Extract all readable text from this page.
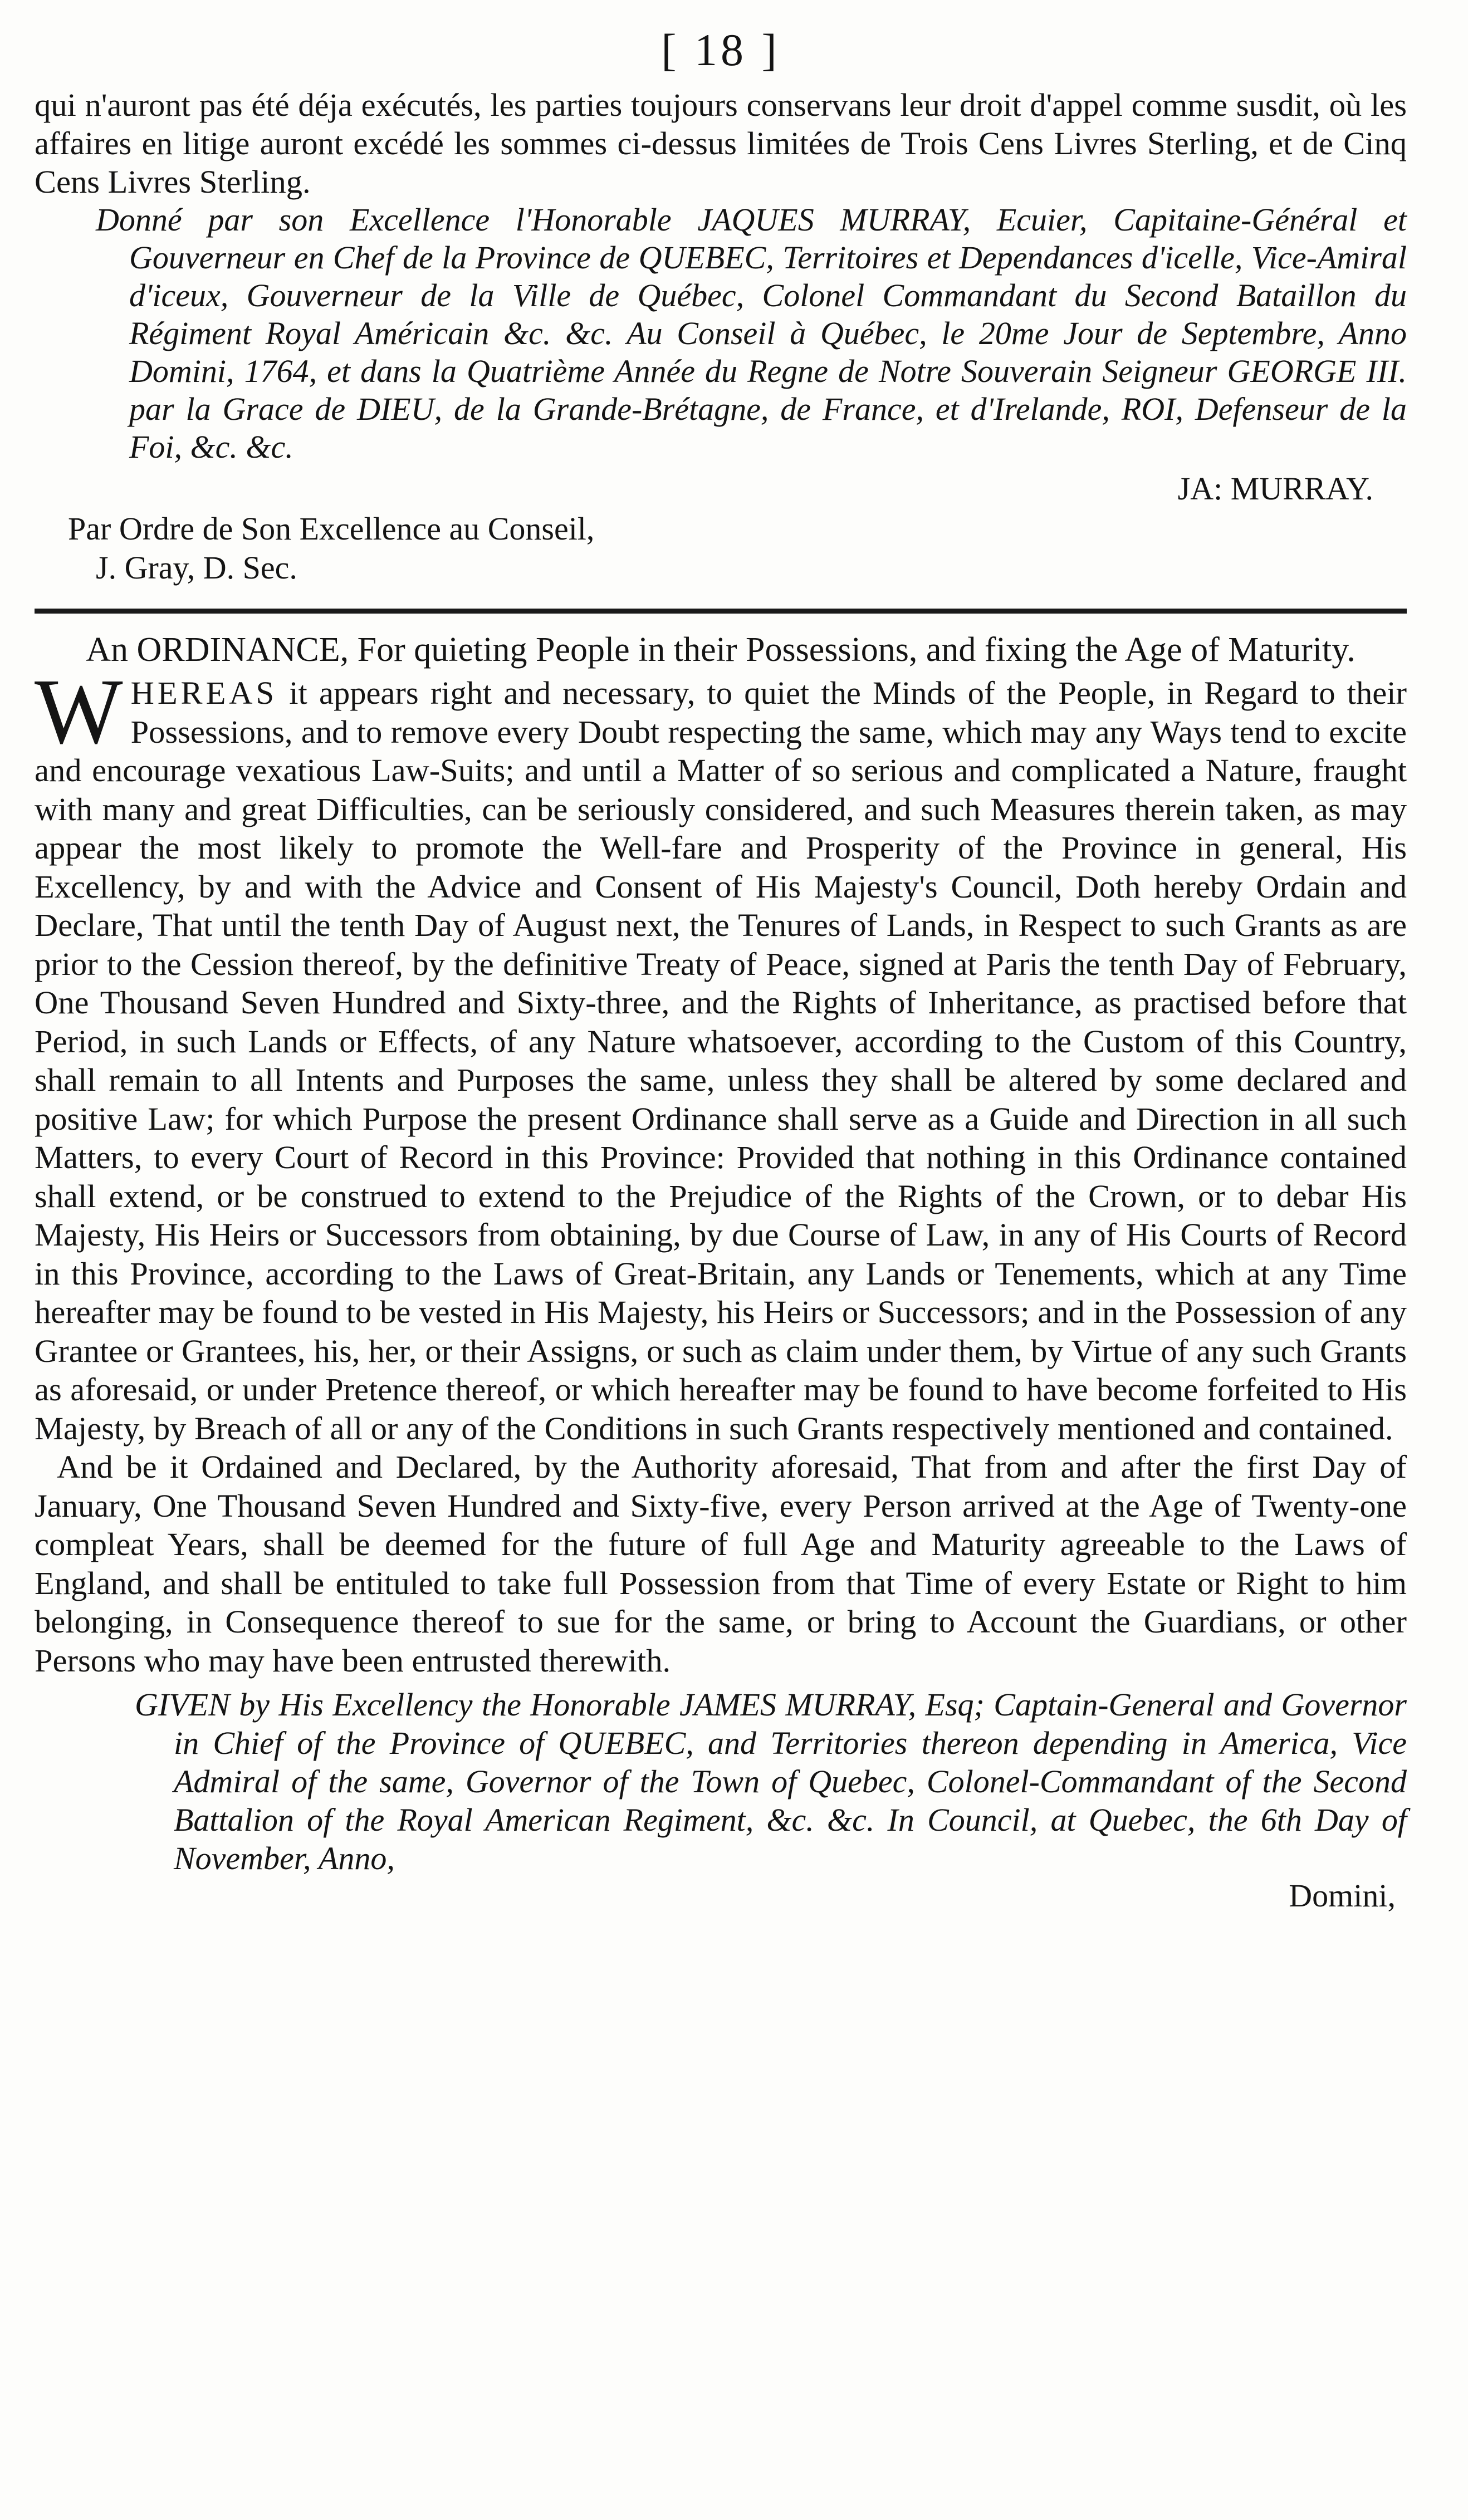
[ 18 ]

qui n'auront pas été déja exécutés, les parties toujours conservans leur droit d'appel comme susdit, où les affaires en litige auront excédé les sommes ci-dessus limitées de Trois Cens Livres Sterling, et de Cinq Cens Livres Sterling.

Donné par son Excellence l'Honorable JAQUES MURRAY, Ecuier, Capitaine-Général et Gouverneur en Chef de la Province de QUEBEC, Territoires et Dependances d'icelle, Vice-Amiral d'iceux, Gouverneur de la Ville de Québec, Colonel Commandant du Second Bataillon du Régiment Royal Américain &c. &c. Au Conseil à Québec, le 20me Jour de Septembre, Anno Domini, 1764, et dans la Quatrième Année du Regne de Notre Souverain Seigneur GEORGE III. par la Grace de DIEU, de la Grande-Brétagne, de France, et d'Irelande, ROI, Defenseur de la Foi, &c. &c.

JA: MURRAY.
Par Ordre de Son Excellence au Conseil,
J. Gray, D. Sec.
An ORDINANCE, For quieting People in their Possessions, and fixing the Age of Maturity.

WHEREAS it appears right and necessary, to quiet the Minds of the People, in Regard to their Possessions, and to remove every Doubt respecting the same, which may any Ways tend to excite and encourage vexatious Law-Suits; and until a Matter of so serious and complicated a Nature, fraught with many and great Difficulties, can be seriously considered, and such Measures therein taken, as may appear the most likely to promote the Well-fare and Prosperity of the Province in general, His Excellency, by and with the Advice and Consent of His Majesty's Council, Doth hereby Ordain and Declare, That until the tenth Day of August next, the Tenures of Lands, in Respect to such Grants as are prior to the Cession thereof, by the definitive Treaty of Peace, signed at Paris the tenth Day of February, One Thousand Seven Hundred and Sixty-three, and the Rights of Inheritance, as practised before that Period, in such Lands or Effects, of any Nature whatsoever, according to the Custom of this Country, shall remain to all Intents and Purposes the same, unless they shall be altered by some declared and positive Law; for which Purpose the present Ordinance shall serve as a Guide and Direction in all such Matters, to every Court of Record in this Province: Provided that nothing in this Ordinance contained shall extend, or be construed to extend to the Prejudice of the Rights of the Crown, or to debar His Majesty, His Heirs or Successors from obtaining, by due Course of Law, in any of His Courts of Record in this Province, according to the Laws of Great-Britain, any Lands or Tenements, which at any Time hereafter may be found to be vested in His Majesty, his Heirs or Successors; and in the Possession of any Grantee or Grantees, his, her, or their Assigns, or such as claim under them, by Virtue of any such Grants as aforesaid, or under Pretence thereof, or which hereafter may be found to have become forfeited to His Majesty, by Breach of all or any of the Conditions in such Grants respectively mentioned and contained.

And be it Ordained and Declared, by the Authority aforesaid, That from and after the first Day of January, One Thousand Seven Hundred and Sixty-five, every Person arrived at the Age of Twenty-one compleat Years, shall be deemed for the future of full Age and Maturity agreeable to the Laws of England, and shall be entituled to take full Possession from that Time of every Estate or Right to him belonging, in Consequence thereof to sue for the same, or bring to Account the Guardians, or other Persons who may have been entrusted therewith.

GIVEN by His Excellency the Honorable JAMES MURRAY, Esq; Captain-General and Governor in Chief of the Province of QUEBEC, and Territories thereon depending in America, Vice Admiral of the same, Governor of the Town of Quebec, Colonel-Commandant of the Second Battalion of the Royal American Regiment, &c. &c. In Council, at Quebec, the 6th Day of November, Anno,

Domini,
